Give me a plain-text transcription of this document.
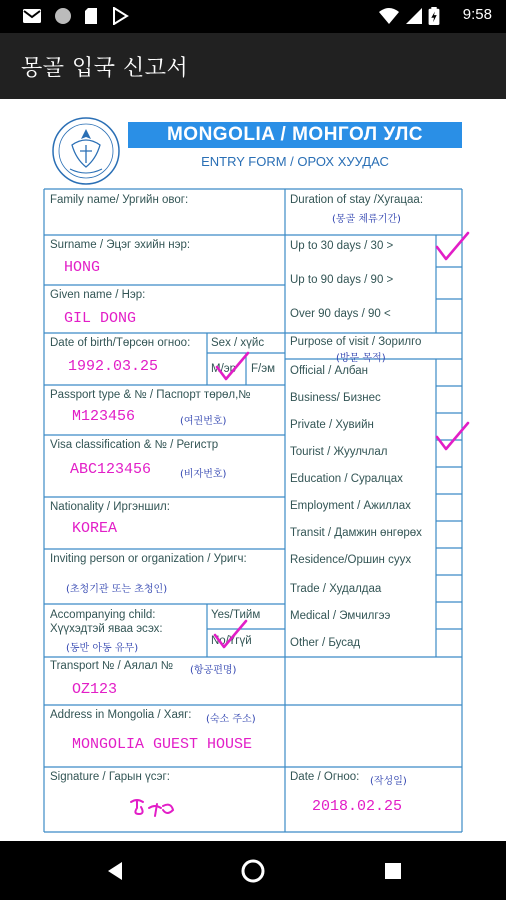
9:58
몽골 입국 신고서
MONGOLIA / МОНГОЛ УЛС
ENTRY FORM / ОРОХ ХУУДАС
Family name/ Ургийн овог:
Surname / Эцэг эхийн нэр:
HONG
Given name / Нэр:
GIL DONG
Date of birth/Төрсөн огноо:
1992.03.25
Sex / хүйс
M/эр F/эм
Passport type & № / Паспорт төрөл,№
M123456	(여권번호)
Visa classification & № / Регистр
ABC123456	(비자번호)
Nationality / Иргэншил:
KOREA
Inviting person or organization / Уригч:
(초청기관 또는 초청인)
Accompanying child:
Хүүхэдтэй яваа эсэх:
(동반 아동 유무)
Yes/Тийм
No/Үгүй
Transport № / Аялал № (항공편명)
OZ123
Address in Mongolia / Хаяг: (숙소 주소)
MONGOLIA GUEST HOUSE
Signature / Гарын үсэг:	Date / Огноо: (작성일)
2018.02.25
Duration of stay /Хугацаа:
(몽골 체류기간)
Up to 30 days / 30 >
Up to 90 days / 90 >
Over 90 days / 90 <
Purpose of visit / Зорилго
(방문 목적)
Official / Албан
Business/ Бизнес
Private / Хувийн
Tourist / Жуулчлал
Education / Суралцах
Employment / Ажиллах
Transit / Дамжин өнгөрөх
Residence/Оршин суух
Trade / Худалдаа
Medical / Эмчилгээ
Other / Бусад
